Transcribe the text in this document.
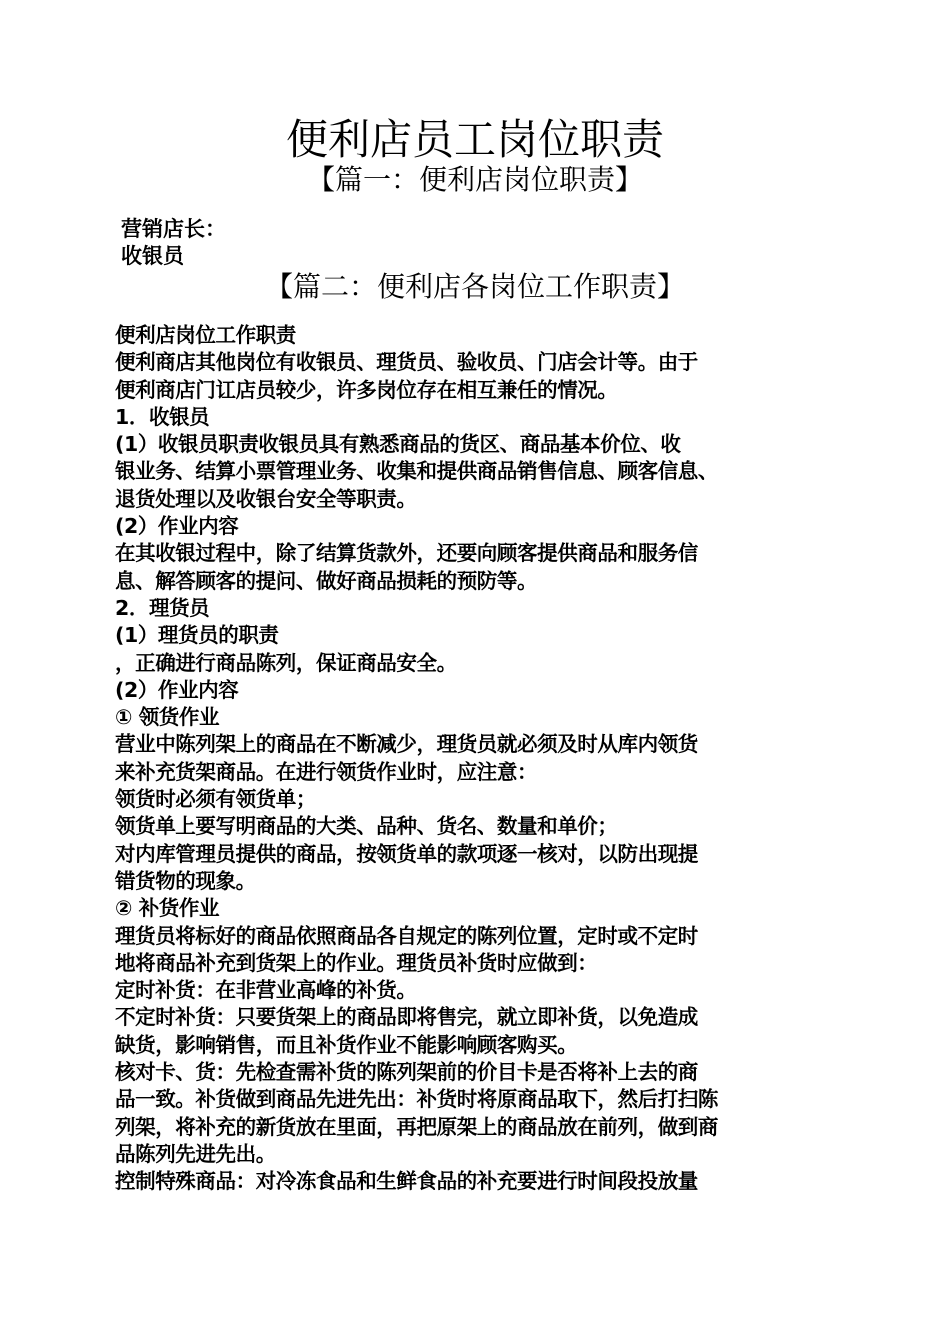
便利店员工岗位职责
【篇一：便利店岗位职责】
营销店长：
收银员
【篇二：便利店各岗位工作职责】

便利店岗位工作职责

便利商店其他岗位有收银员、理货员、验收员、门店会计等。由于

便利商店门讧店员较少，许多岗位存在相互兼任的情况。

1．收银员

(1）收银员职责收银员具有熟悉商品的货区、商品基本价位、收

银业务、结算小票管理业务、收集和提供商品销售信息、顾客信息、

退货处理以及收银台安全等职责。

(2）作业内容

在其收银过程中，除了结算货款外，还要向顾客提供商品和服务信

息、解答顾客的提问、做好商品损耗的预防等。

2．理货员

(1）理货员的职责

，正确进行商品陈列，保证商品安全。

(2）作业内容

① 领货作业

营业中陈列架上的商品在不断减少，理货员就必须及时从库内领货

来补充货架商品。在进行领货作业时，应注意：

领货时必须有领货单；

领货单上要写明商品的大类、品种、货名、数量和单价；

对内库管理员提供的商品，按领货单的款项逐一核对，以防出现提

错货物的现象。

② 补货作业

理货员将标好的商品依照商品各自规定的陈列位置，定时或不定时

地将商品补充到货架上的作业。理货员补货时应做到：

定时补货：在非营业高峰的补货。

不定时补货：只要货架上的商品即将售完，就立即补货，以免造成

缺货，影响销售，而且补货作业不能影响顾客购买。

核对卡、货：先检查需补货的陈列架前的价目卡是否将补上去的商

品一致。补货做到商品先进先出：补货时将原商品取下，然后打扫陈

列架，将补充的新货放在里面，再把原架上的商品放在前列，做到商

品陈列先进先出。

控制特殊商品：对冷冻食品和生鲜食品的补充要进行时间段投放量
